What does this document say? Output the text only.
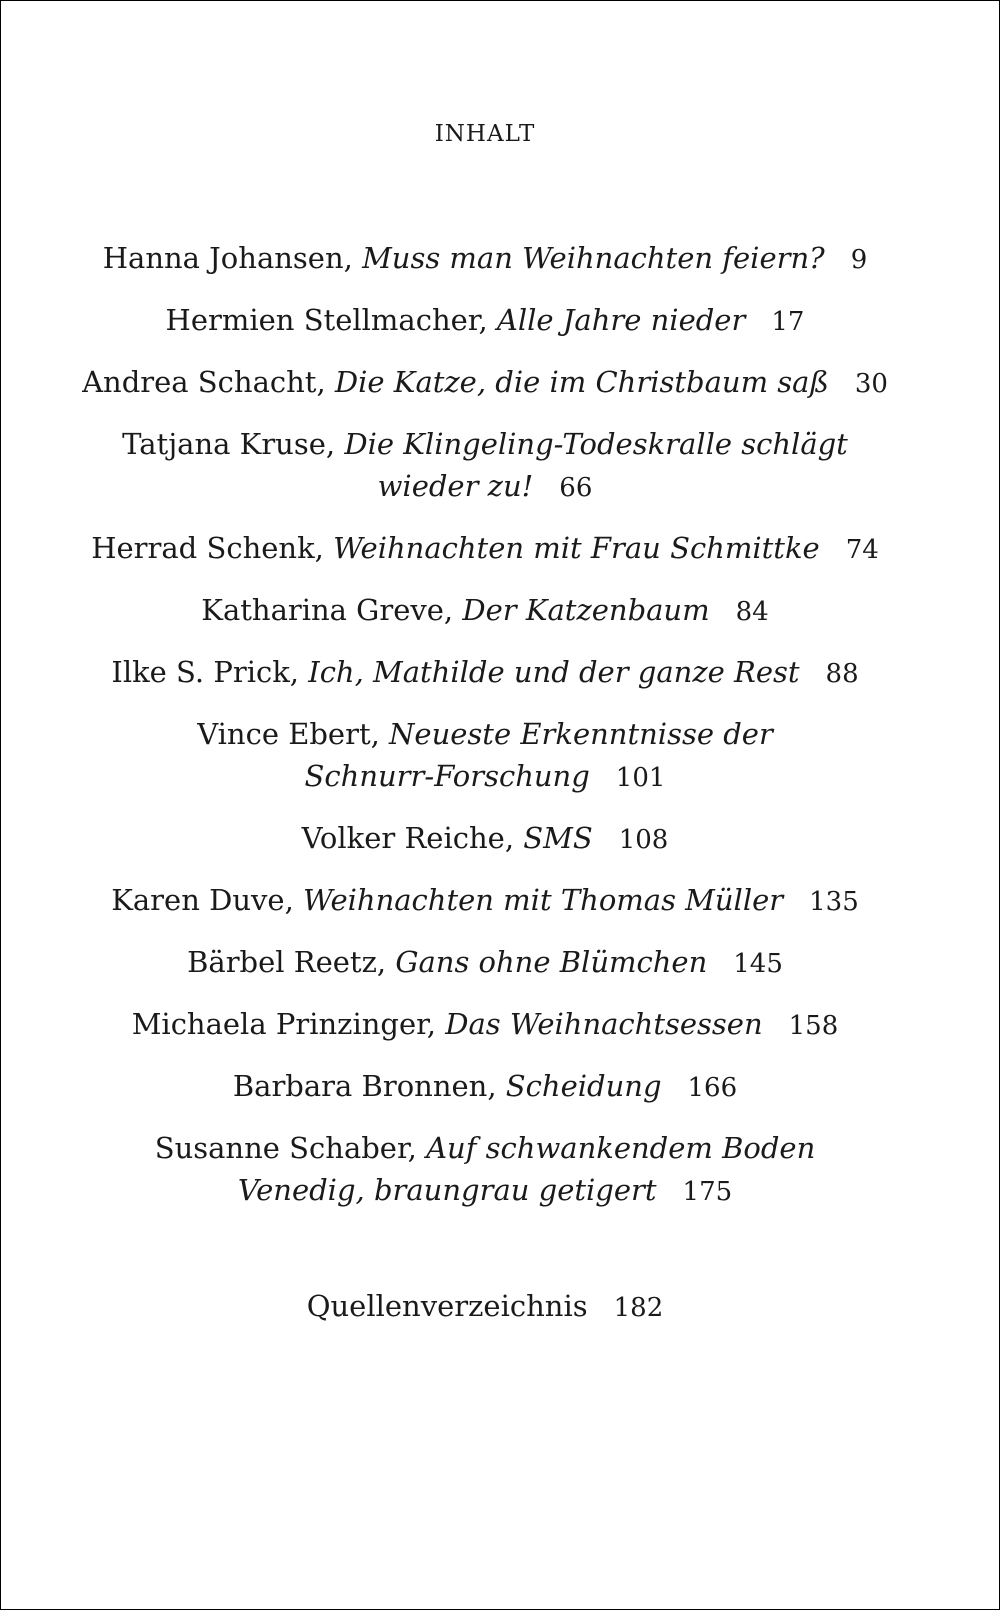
INHALT
Hanna Johansen, Muss man Weihnachten feiern? 9
Hermien Stellmacher, Alle Jahre nieder 17
Andrea Schacht, Die Katze, die im Christbaum saß 30
Tatjana Kruse, Die Klingeling-Todeskralle schlägt
wieder zu! 66
Herrad Schenk, Weihnachten mit Frau Schmittke 74
Katharina Greve, Der Katzenbaum 84
Ilke S. Prick, Ich, Mathilde und der ganze Rest 88
Vince Ebert, Neueste Erkenntnisse der
Schnurr-Forschung 101
Volker Reiche, SMS 108
Karen Duve, Weihnachten mit Thomas Müller 135
Bärbel Reetz, Gans ohne Blümchen 145
Michaela Prinzinger, Das Weihnachtsessen 158
Barbara Bronnen, Scheidung 166
Susanne Schaber, Auf schwankendem Boden
Venedig, braungrau getigert 175
Quellenverzeichnis 182
